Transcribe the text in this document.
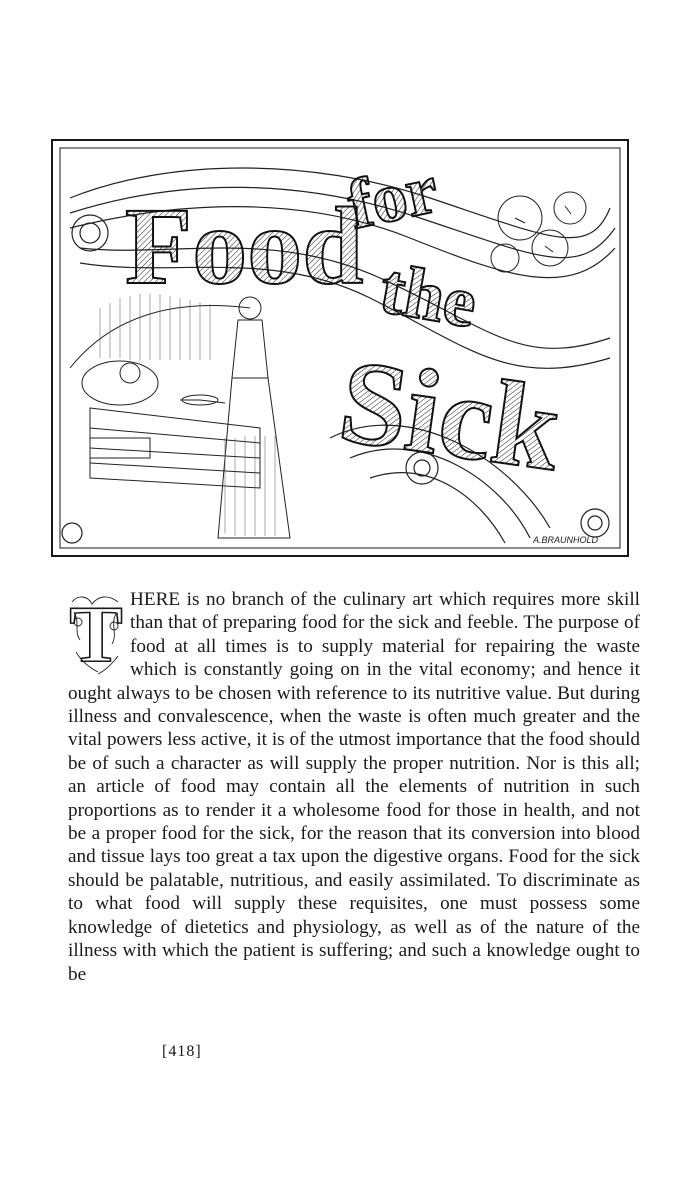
Food
for
the
Sick
A.BRAUNHOLD
T HERE is no branch of the culinary art which requires more skill than that of preparing food for the sick and feeble. The purpose of food at all times is to supply material for repairing the waste which is constantly going on in the vital economy; and hence it ought always to be chosen with reference to its nutritive value. But during illness and convalescence, when the waste is often much greater and the vital powers less active, it is of the utmost importance that the food should be of such a character as will supply the proper nutrition. Nor is this all; an article of food may contain all the elements of nutrition in such proportions as to render it a wholesome food for those in health, and not be a proper food for the sick, for the reason that its conversion into blood and tissue lays too great a tax upon the digestive organs. Food for the sick should be palatable, nutritious, and easily assimilated. To discriminate as to what food will supply these requisites, one must possess some knowledge of dietetics and physiology, as well as of the nature of the illness with which the patient is suffering; and such a knowledge ought to be

[418]
